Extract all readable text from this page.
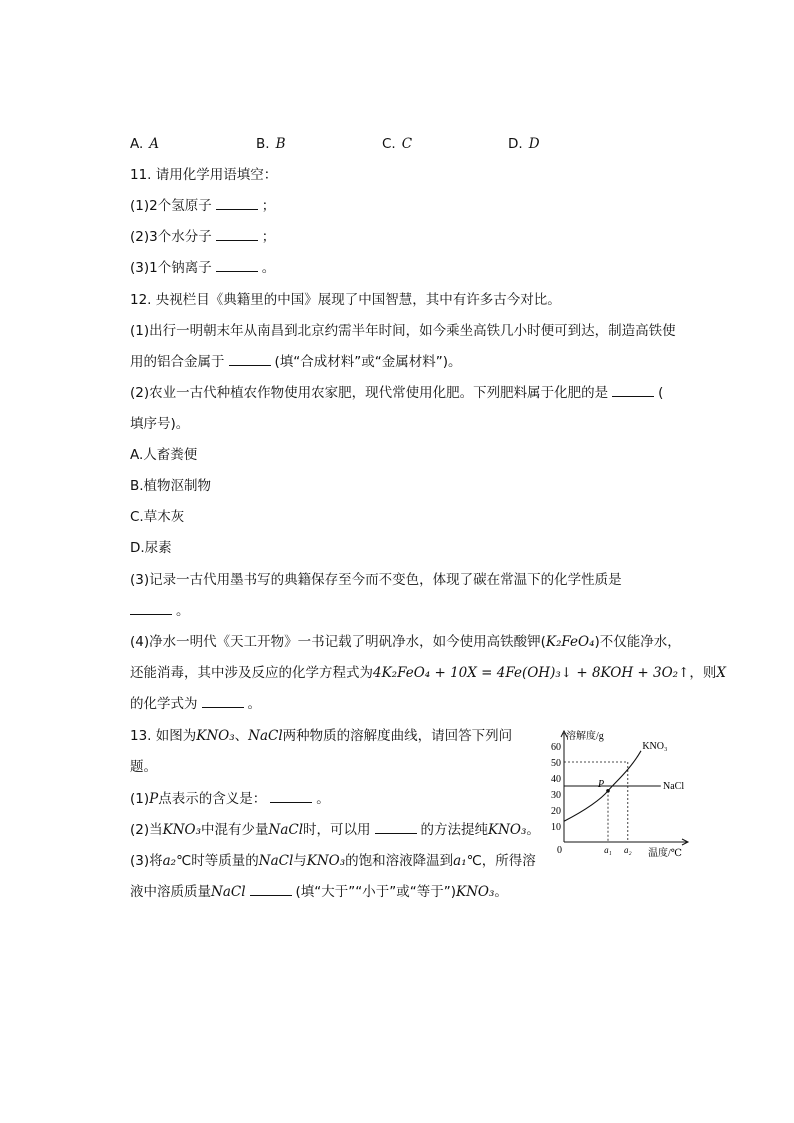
A. A	B. B	C. C	D. D
11. 请用化学用语填空：
(1)2个氢原子	；
(2)3个水分子	；
(3)1个钠离子	。
12. 央视栏目《典籍里的中国》展现了中国智慧，其中有许多古今对比。
(1)出行一明朝末年从南昌到北京约需半年时间，如今乘坐高铁几小时便可到达，制造高铁使
用的铝合金属于	(填“合成材料”或“金属材料”)。
(2)农业一古代种植农作物使用农家肥，现代常使用化肥。下列肥料属于化肥的是	(
填序号)。
A.人畜粪便
B.植物沤制物
C.草木灰
D.尿素
(3)记录一古代用墨书写的典籍保存至今而不变色，体现了碳在常温下的化学性质是
。
(4)净水一明代《天工开物》一书记载了明矾净水，如今使用高铁酸钾(K₂FeO₄)不仅能净水，
还能消毒，其中涉及反应的化学方程式为4K₂FeO₄ + 10X = 4Fe(OH)₃↓ + 8KOH + 3O₂↑，则X
的化学式为	。
13. 如图为KNO₃、NaCl两种物质的溶解度曲线，请回答下列问
题。
(1)P点表示的含义是：	。
(2)当KNO₃中混有少量NaCl时，可以用	的方法提纯KNO₃。
(3)将a₂℃时等质量的NaCl与KNO₃的饱和溶液降温到a₁℃，所得溶
液中溶质质量NaCl	(填“大于”“小于”或“等于”)KNO₃。
60
50
40
30
20
10
0	a₁ a₂
P
KNO₃
NaCl
溶解度/g
温度/℃
